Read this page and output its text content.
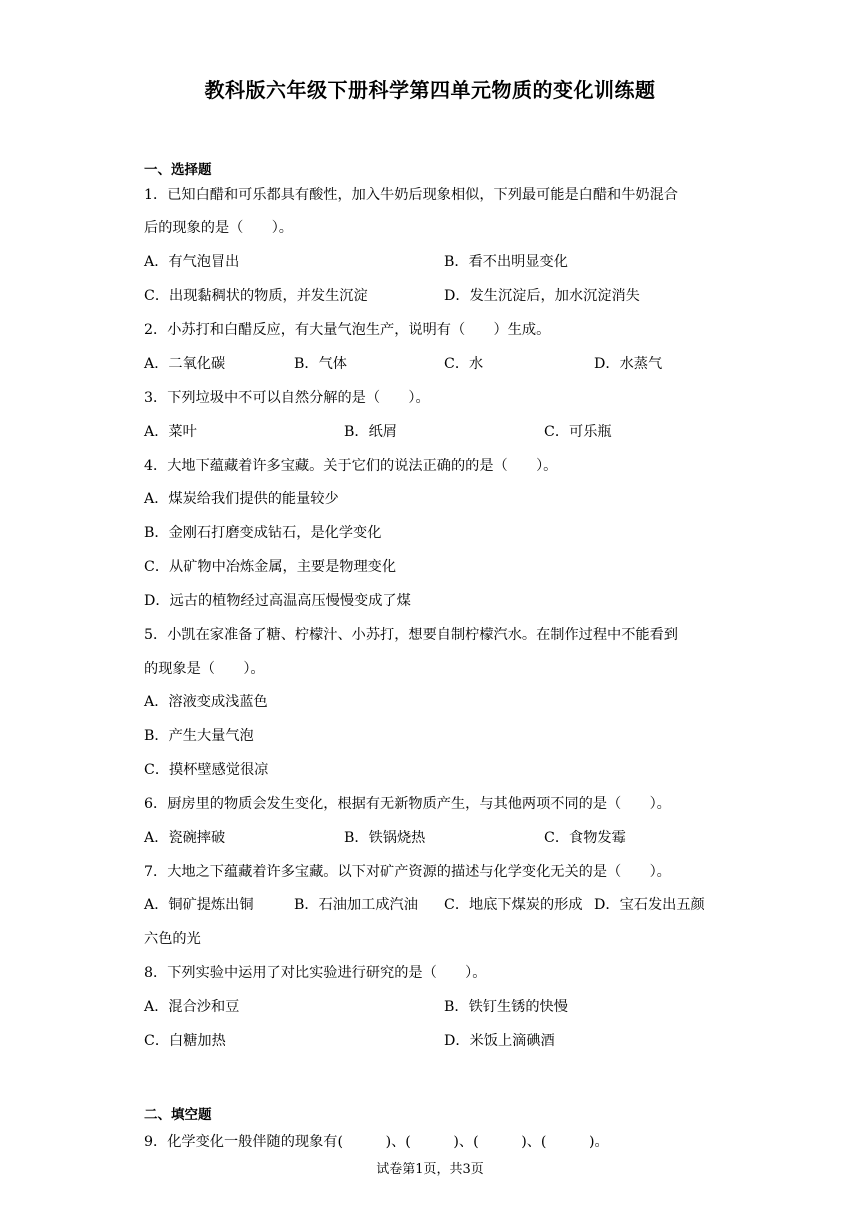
教科版六年级下册科学第四单元物质的变化训练题
一、选择题
1．已知白醋和可乐都具有酸性，加入牛奶后现象相似，下列最可能是白醋和牛奶混合
后的现象的是（　　）。
A．有气泡冒出	B．看不出明显变化
C．出现黏稠状的物质，并发生沉淀	D．发生沉淀后，加水沉淀消失
2．小苏打和白醋反应，有大量气泡生产，说明有（　　）生成。
A．二氧化碳	B．气体	C．水	D．水蒸气
3．下列垃圾中不可以自然分解的是（　　）。
A．菜叶	B．纸屑	C．可乐瓶
4．大地下蕴藏着许多宝藏。关于它们的说法正确的的是（　　）。
A．煤炭给我们提供的能量较少
B．金刚石打磨变成钻石，是化学变化
C．从矿物中冶炼金属，主要是物理变化
D．远古的植物经过高温高压慢慢变成了煤
5．小凯在家准备了糖、柠檬汁、小苏打，想要自制柠檬汽水。在制作过程中不能看到
的现象是（　　）。
A．溶液变成浅蓝色
B．产生大量气泡
C．摸杯壁感觉很凉
6．厨房里的物质会发生变化，根据有无新物质产生，与其他两项不同的是（　　）。
A．瓷碗摔破	B．铁锅烧热	C．食物发霉
7．大地之下蕴藏着许多宝藏。以下对矿产资源的描述与化学变化无关的是（　　）。
A．铜矿提炼出铜	B．石油加工成汽油 C．地底下煤炭的形成 D．宝石发出五颜
六色的光
8．下列实验中运用了对比实验进行研究的是（　　）。
A．混合沙和豆	B．铁钉生锈的快慢
C．白糖加热	D．米饭上滴碘酒
二、填空题
9．化学变化一般伴随的现象有(　　　)、(　　　)、(　　　)、(　　　)。
试卷第1页，共3页
